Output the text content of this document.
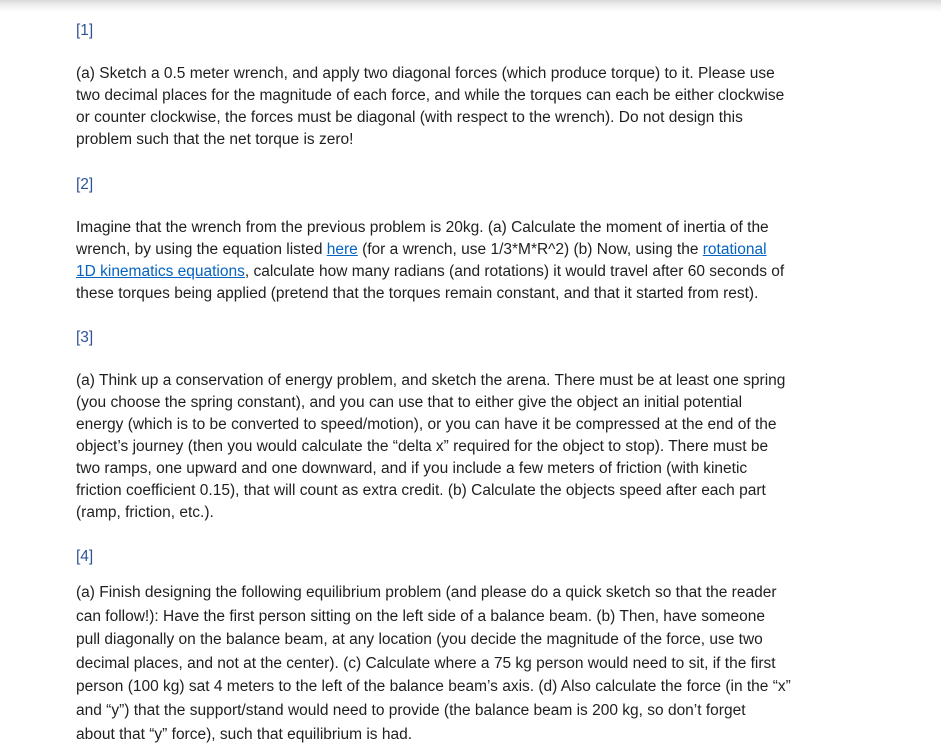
[1]
(a) Sketch a 0.5 meter wrench, and apply two diagonal forces (which produce torque) to it. Please use
two decimal places for the magnitude of each force, and while the torques can each be either clockwise
or counter clockwise, the forces must be diagonal (with respect to the wrench). Do not design this
problem such that the net torque is zero!
[2]
Imagine that the wrench from the previous problem is 20kg. (a) Calculate the moment of inertia of the
wrench, by using the equation listed here (for a wrench, use 1/3*M*R^2) (b) Now, using the rotational
1D kinematics equations, calculate how many radians (and rotations) it would travel after 60 seconds of
these torques being applied (pretend that the torques remain constant, and that it started from rest).
[3]
(a) Think up a conservation of energy problem, and sketch the arena. There must be at least one spring
(you choose the spring constant), and you can use that to either give the object an initial potential
energy (which is to be converted to speed/motion), or you can have it be compressed at the end of the
object’s journey (then you would calculate the “delta x” required for the object to stop). There must be
two ramps, one upward and one downward, and if you include a few meters of friction (with kinetic
friction coefficient 0.15), that will count as extra credit. (b) Calculate the objects speed after each part
(ramp, friction, etc.).
[4]
(a) Finish designing the following equilibrium problem (and please do a quick sketch so that the reader
can follow!): Have the first person sitting on the left side of a balance beam. (b) Then, have someone
pull diagonally on the balance beam, at any location (you decide the magnitude of the force, use two
decimal places, and not at the center). (c) Calculate where a 75 kg person would need to sit, if the first
person (100 kg) sat 4 meters to the left of the balance beam’s axis. (d) Also calculate the force (in the “x”
and “y”) that the support/stand would need to provide (the balance beam is 200 kg, so don’t forget
about that “y” force), such that equilibrium is had.
